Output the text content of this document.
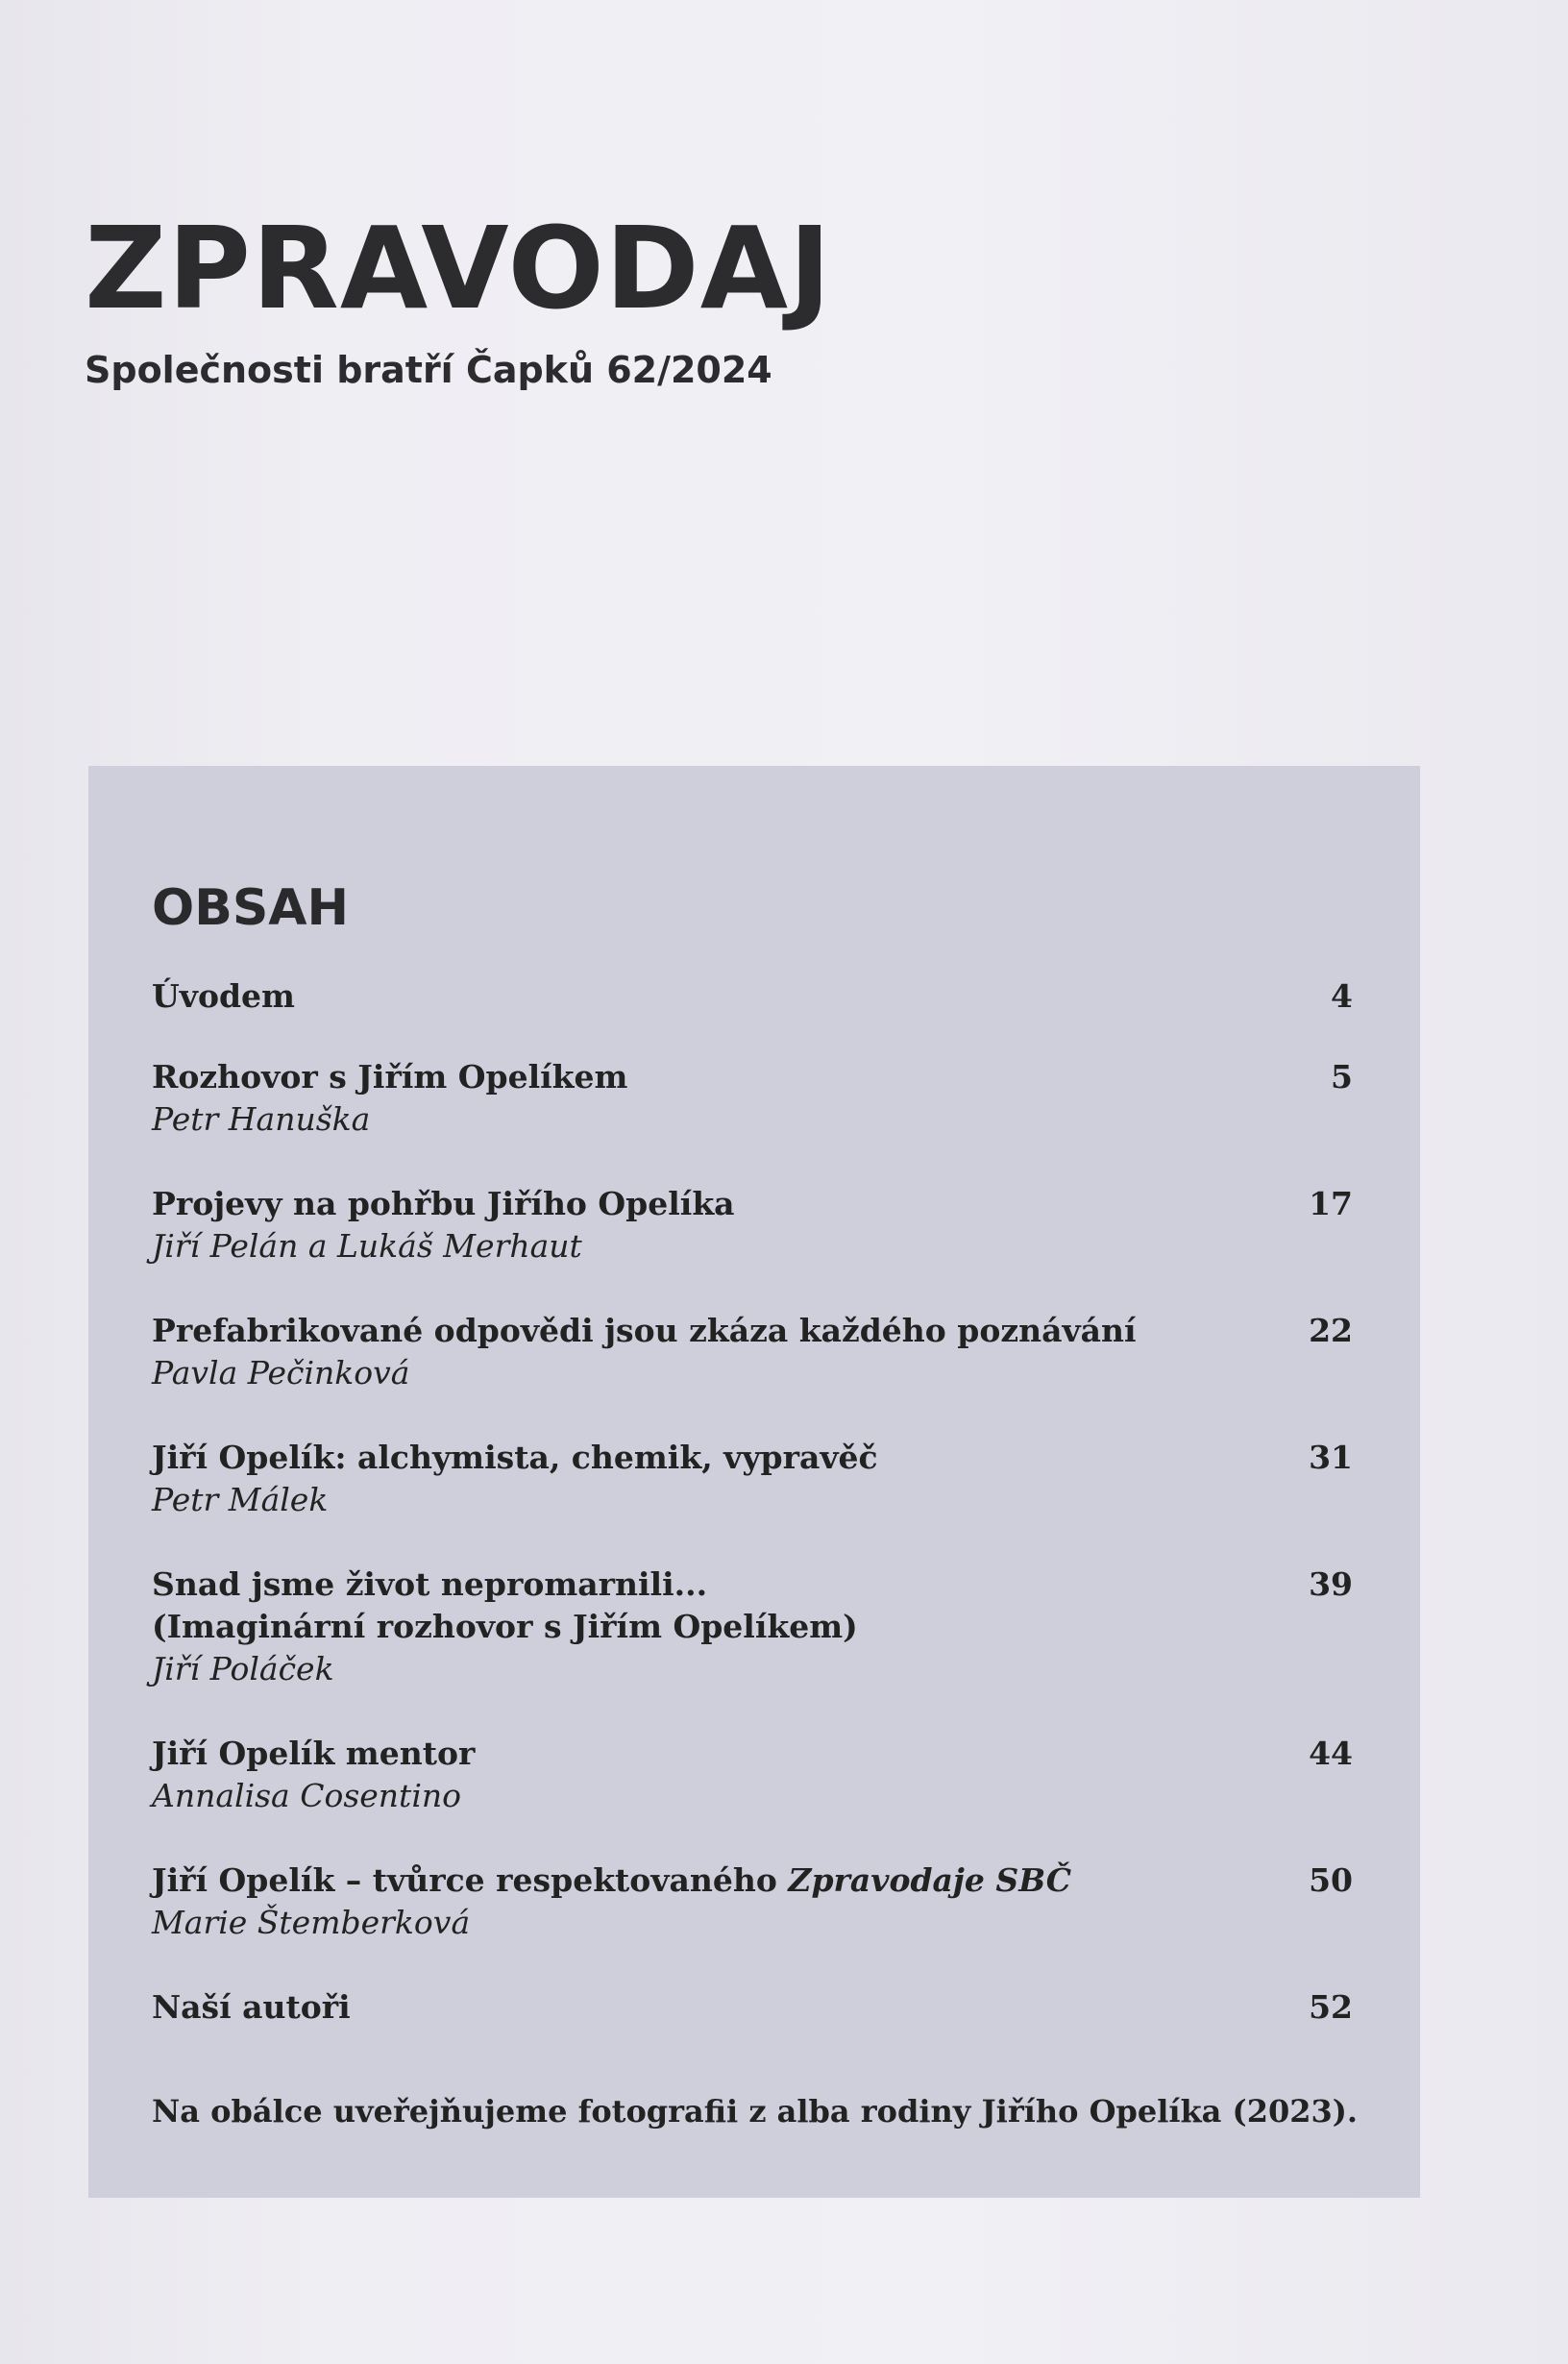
ZPRAVODAJ
Společnosti bratří Čapků 62/2024
OBSAH
Úvodem	4
Rozhovor s Jiřím Opelíkem
Petr Hanuška
5
Projevy na pohřbu Jiřího Opelíka
Jiří Pelán a Lukáš Merhaut
17
Prefabrikované odpovědi jsou zkáza každého poznávání
Pavla Pečinková
22
Jiří Opelík: alchymista, chemik, vypravěč
Petr Málek
31
Snad jsme život nepromarnili...
(Imaginární rozhovor s Jiřím Opelíkem)
Jiří Poláček
39
Jiří Opelík mentor
Annalisa Cosentino
44
Jiří Opelík – tvůrce respektovaného Zpravodaje SBČ
Marie Štemberková
50
Naší autoři	52
Na obálce uveřejňujeme fotografii z alba rodiny Jiřího Opelíka (2023).
